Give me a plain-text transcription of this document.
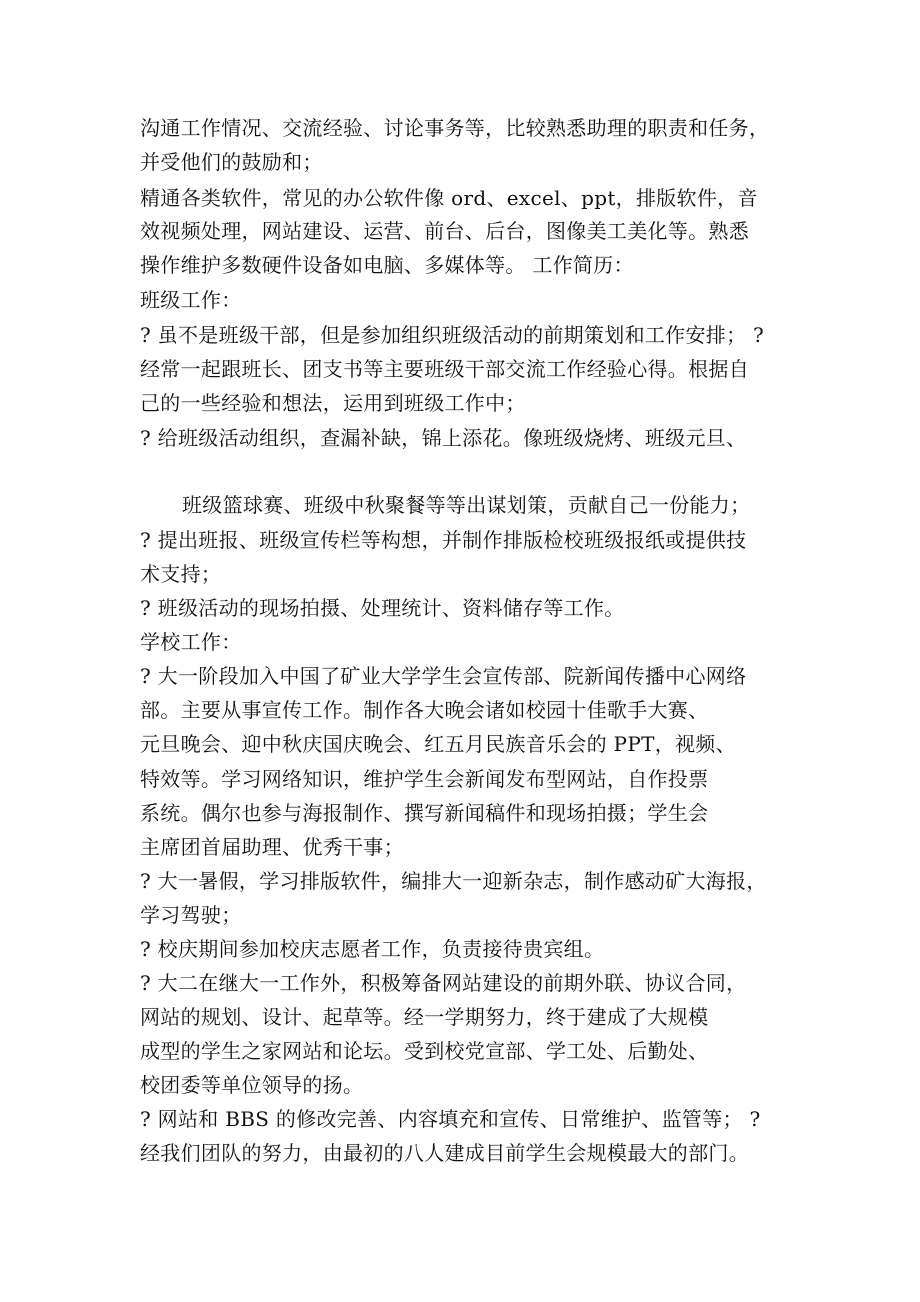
沟通工作情况、交流经验、讨论事务等，比较熟悉助理的职责和任务，
并受他们的鼓励和；
精通各类软件，常见的办公软件像 ord、excel、ppt，排版软件，音
效视频处理，网站建设、运营、前台、后台，图像美工美化等。熟悉
操作维护多数硬件设备如电脑、多媒体等。 工作简历：
班级工作：
? 虽不是班级干部，但是参加组织班级活动的前期策划和工作安排； ?
经常一起跟班长、团支书等主要班级干部交流工作经验心得。根据自
己的一些经验和想法，运用到班级工作中；
? 给班级活动组织，查漏补缺，锦上添花。像班级烧烤、班级元旦、
班级篮球赛、班级中秋聚餐等等出谋划策，贡献自己一份能力；
? 提出班报、班级宣传栏等构想，并制作排版检校班级报纸或提供技
术支持；
? 班级活动的现场拍摄、处理统计、资料储存等工作。
学校工作：
? 大一阶段加入中国了矿业大学学生会宣传部、院新闻传播中心网络
部。主要从事宣传工作。制作各大晚会诸如校园十佳歌手大赛、
元旦晚会、迎中秋庆国庆晚会、红五月民族音乐会的 PPT，视频、
特效等。学习网络知识，维护学生会新闻发布型网站，自作投票
系统。偶尔也参与海报制作、撰写新闻稿件和现场拍摄；学生会
主席团首届助理、优秀干事；
? 大一暑假，学习排版软件，编排大一迎新杂志，制作感动矿大海报，
学习驾驶；
? 校庆期间参加校庆志愿者工作，负责接待贵宾组。
? 大二在继大一工作外，积极筹备网站建设的前期外联、协议合同，
网站的规划、设计、起草等。经一学期努力，终于建成了大规模
成型的学生之家网站和论坛。受到校党宣部、学工处、后勤处、
校团委等单位领导的扬。
? 网站和 BBS 的修改完善、内容填充和宣传、日常维护、监管等； ?
经我们团队的努力，由最初的八人建成目前学生会规模最大的部门。
